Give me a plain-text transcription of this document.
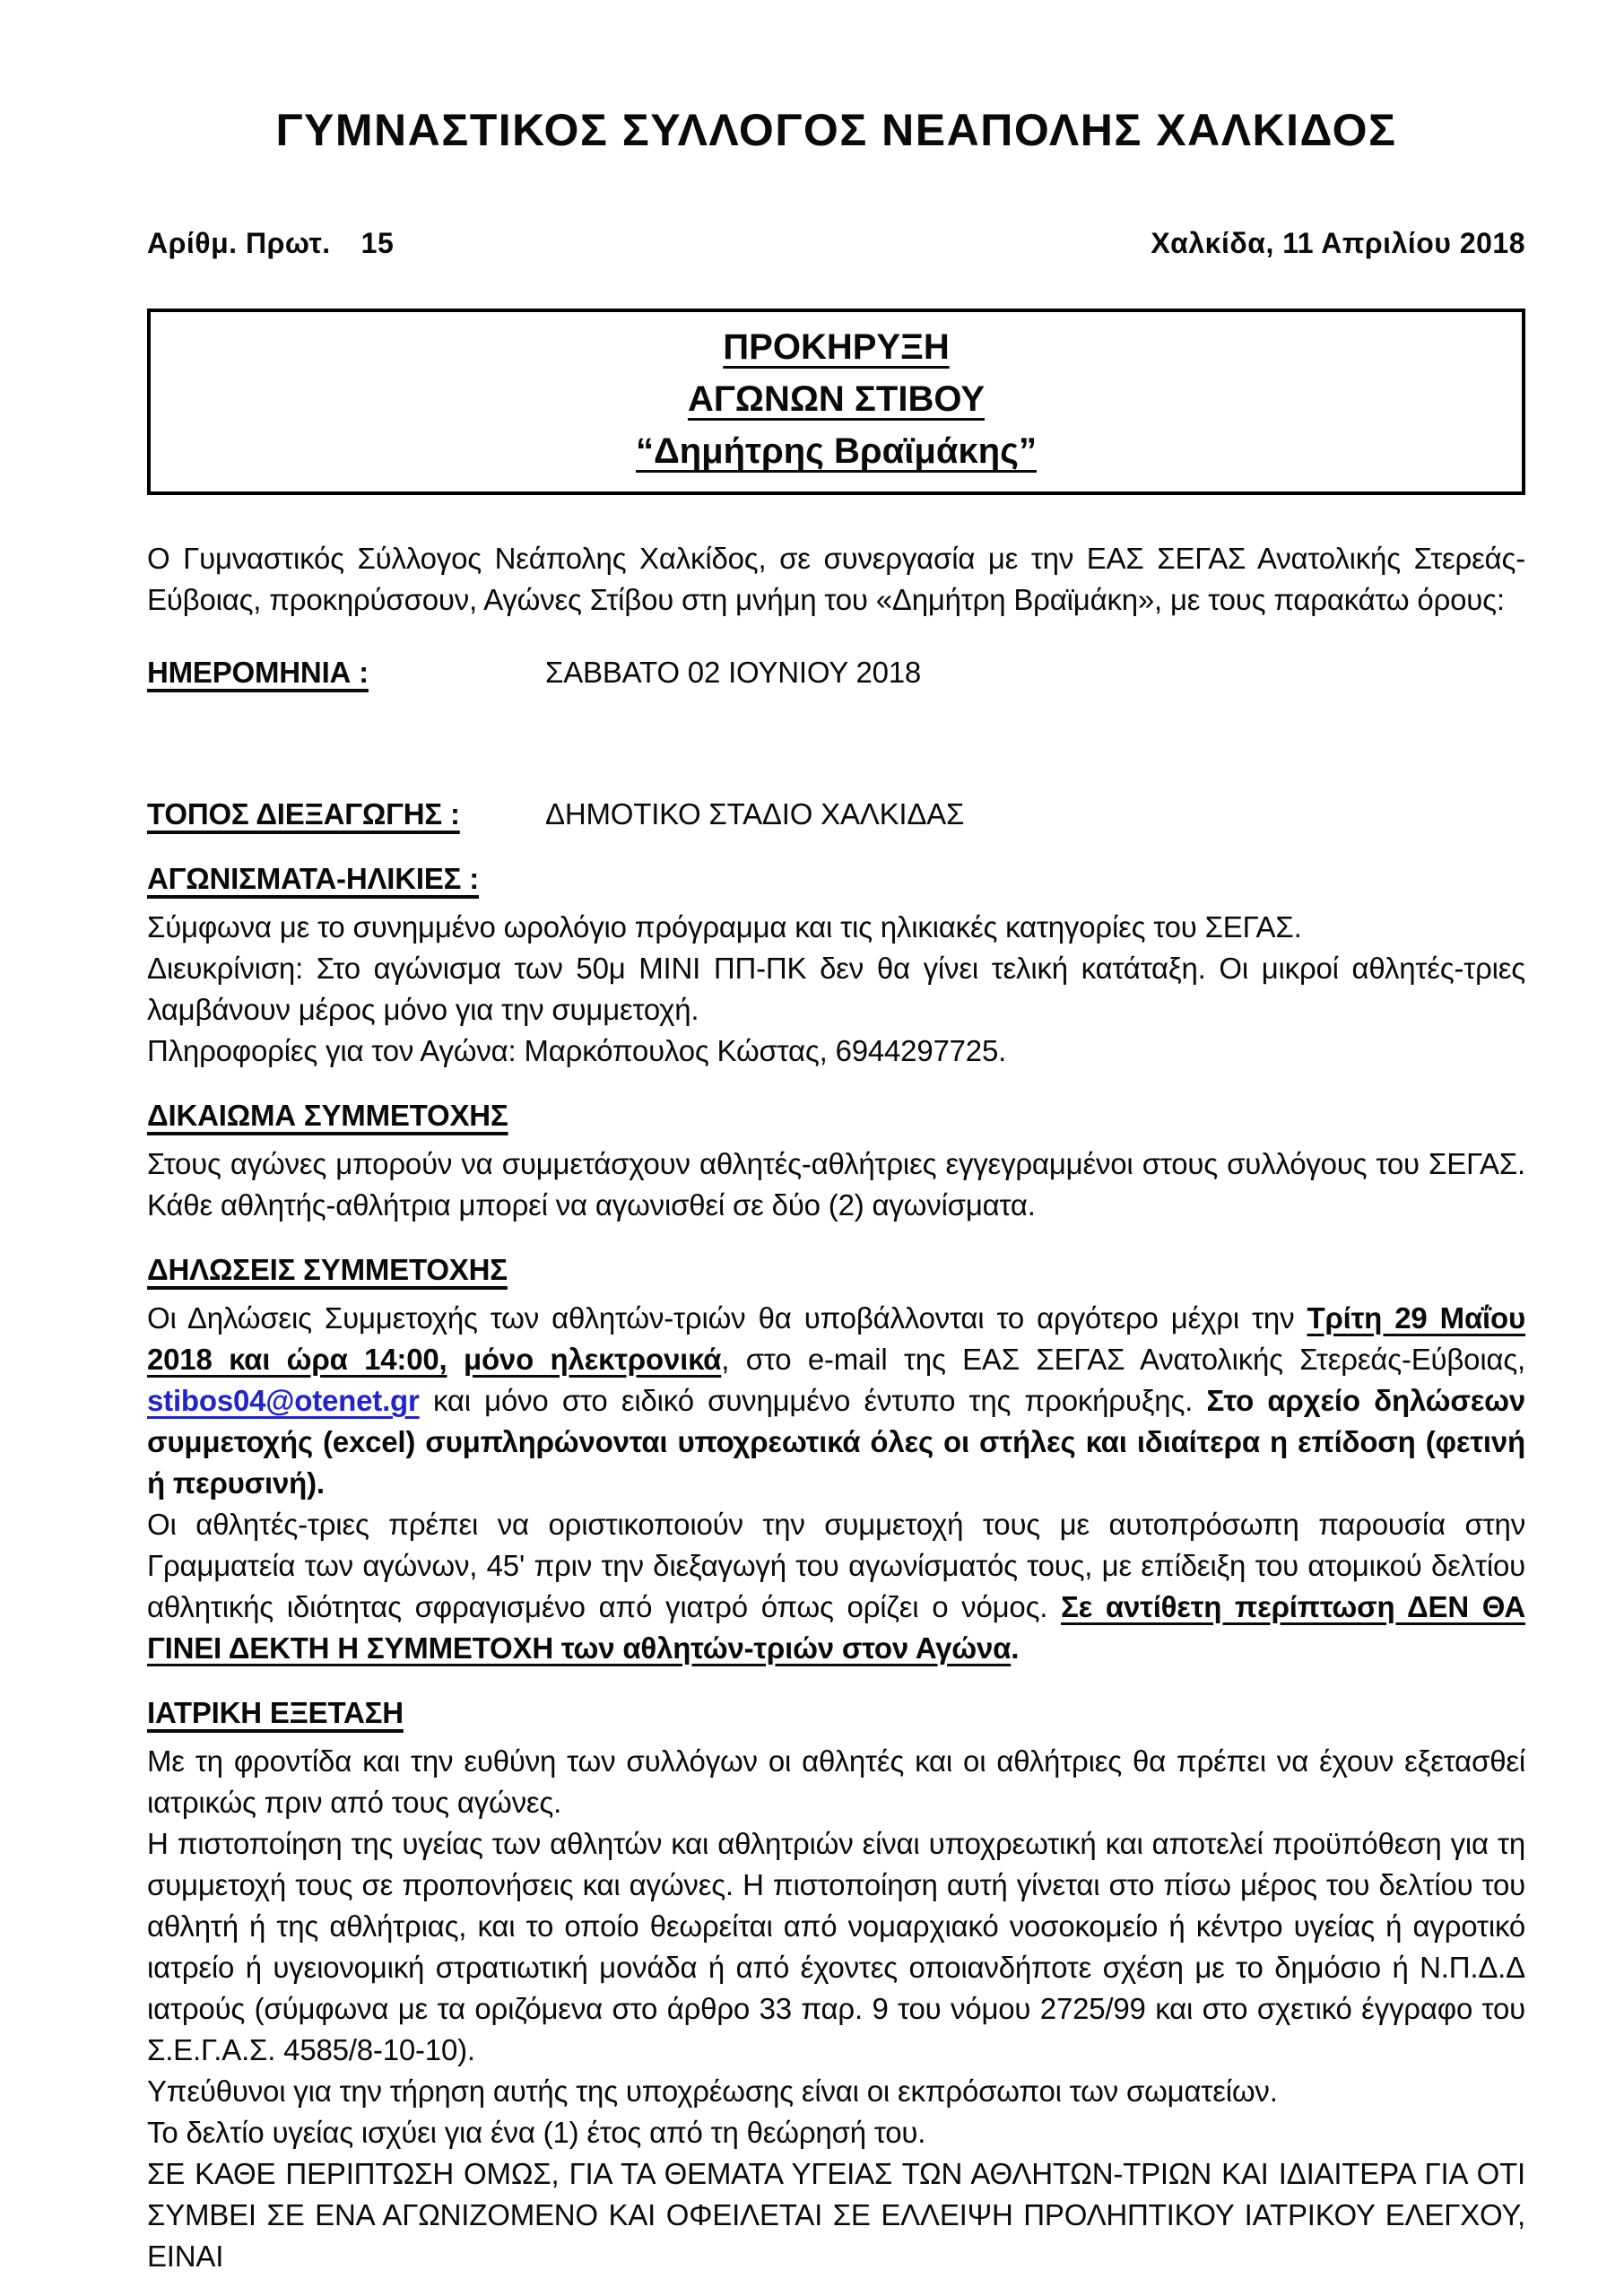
ΓΥΜΝΑΣΤΙΚΟΣ ΣΥΛΛΟΓΟΣ ΝΕΑΠΟΛΗΣ ΧΑΛΚΙΔΟΣ
Αρίθμ. Πρωτ. 15	Χαλκίδα, 11 Απριλίου 2018
ΠΡΟΚΗΡΥΞΗ
ΑΓΩΝΩΝ ΣΤΙΒΟΥ
“Δημήτρης Βραϊμάκης”

Ο Γυμναστικός Σύλλογος Νεάπολης Χαλκίδος, σε συνεργασία με την ΕΑΣ ΣΕΓΑΣ Ανατολικής Στερεάς-Εύβοιας, προκηρύσσουν, Αγώνες Στίβου στη μνήμη του «Δημήτρη Βραϊμάκη», με τους παρακάτω όρους:

ΗΜΕΡΟΜΗΝΙΑ :	ΣΑΒΒΑΤΟ 02 ΙΟΥΝΙΟΥ 2018
ΤΟΠΟΣ ΔΙΕΞΑΓΩΓΗΣ :	ΔΗΜΟΤΙΚΟ ΣΤΑΔΙΟ ΧΑΛΚΙΔΑΣ
ΑΓΩΝΙΣΜΑΤΑ-ΗΛΙΚΙΕΣ :

Σύμφωνα με το συνημμένο ωρολόγιο πρόγραμμα και τις ηλικιακές κατηγορίες του ΣΕΓΑΣ.

Διευκρίνιση: Στο αγώνισμα των 50μ ΜΙΝΙ ΠΠ-ΠΚ δεν θα γίνει τελική κατάταξη. Οι μικροί αθλητές-τριες λαμβάνουν μέρος μόνο για την συμμετοχή.

Πληροφορίες για τον Αγώνα: Μαρκόπουλος Κώστας, 6944297725.

ΔΙΚΑΙΩΜΑ ΣΥΜΜΕΤΟΧΗΣ

Στους αγώνες μπορούν να συμμετάσχουν αθλητές-αθλήτριες εγγεγραμμένοι στους συλλόγους του ΣΕΓΑΣ. Κάθε αθλητής-αθλήτρια μπορεί να αγωνισθεί σε δύο (2) αγωνίσματα.

ΔΗΛΩΣΕΙΣ ΣΥΜΜΕΤΟΧΗΣ

Οι Δηλώσεις Συμμετοχής των αθλητών-τριών θα υποβάλλονται το αργότερο μέχρι την Τρίτη 29 Μαΐου 2018 και ώρα 14:00, μόνο ηλεκτρονικά, στο e-mail της ΕΑΣ ΣΕΓΑΣ Ανατολικής Στερεάς-Εύβοιας, stibos04@otenet.gr και μόνο στο ειδικό συνημμένο έντυπο της προκήρυξης. Στο αρχείο δηλώσεων συμμετοχής (excel) συμπληρώνονται υποχρεωτικά όλες οι στήλες και ιδιαίτερα η επίδοση (φετινή ή περυσινή).

Οι αθλητές-τριες πρέπει να οριστικοποιούν την συμμετοχή τους με αυτοπρόσωπη παρουσία στην Γραμματεία των αγώνων, 45' πριν την διεξαγωγή του αγωνίσματός τους, με επίδειξη του ατομικού δελτίου αθλητικής ιδιότητας σφραγισμένο από γιατρό όπως ορίζει ο νόμος. Σε αντίθετη περίπτωση ΔΕΝ ΘΑ ΓΙΝΕΙ ΔΕΚΤΗ Η ΣΥΜΜΕΤΟΧΗ των αθλητών-τριών στον Αγώνα.

ΙΑΤΡΙΚΗ ΕΞΕΤΑΣΗ

Με τη φροντίδα και την ευθύνη των συλλόγων οι αθλητές και οι αθλήτριες θα πρέπει να έχουν εξετασθεί ιατρικώς πριν από τους αγώνες.

Η πιστοποίηση της υγείας των αθλητών και αθλητριών είναι υποχρεωτική και αποτελεί προϋπόθεση για τη συμμετοχή τους σε προπονήσεις και αγώνες. Η πιστοποίηση αυτή γίνεται στο πίσω μέρος του δελτίου του αθλητή ή της αθλήτριας, και το οποίο θεωρείται από νομαρχιακό νοσοκομείο ή κέντρο υγείας ή αγροτικό ιατρείο ή υγειονομική στρατιωτική μονάδα ή από έχοντες οποιανδήποτε σχέση με το δημόσιο ή Ν.Π.Δ.Δ ιατρούς (σύμφωνα με τα οριζόμενα στο άρθρο 33 παρ. 9 του νόμου 2725/99 και στο σχετικό έγγραφο του Σ.Ε.Γ.Α.Σ. 4585/8-10-10).

Υπεύθυνοι για την τήρηση αυτής της υποχρέωσης είναι οι εκπρόσωποι των σωματείων.

Το δελτίο υγείας ισχύει για ένα (1) έτος από τη θεώρησή του.

ΣΕ ΚΑΘΕ ΠΕΡΙΠΤΩΣΗ ΟΜΩΣ, ΓΙΑ ΤΑ ΘΕΜΑΤΑ ΥΓΕΙΑΣ ΤΩΝ ΑΘΛΗΤΩΝ-ΤΡΙΩΝ ΚΑΙ ΙΔΙΑΙΤΕΡΑ ΓΙΑ ΟΤΙ ΣΥΜΒΕΙ ΣΕ ΕΝΑ ΑΓΩΝΙΖΟΜΕΝΟ ΚΑΙ ΟΦΕΙΛΕΤΑΙ ΣΕ ΕΛΛΕΙΨΗ ΠΡΟΛΗΠΤΙΚΟΥ ΙΑΤΡΙΚΟΥ ΕΛΕΓΧΟΥ, ΕΙΝΑΙ
